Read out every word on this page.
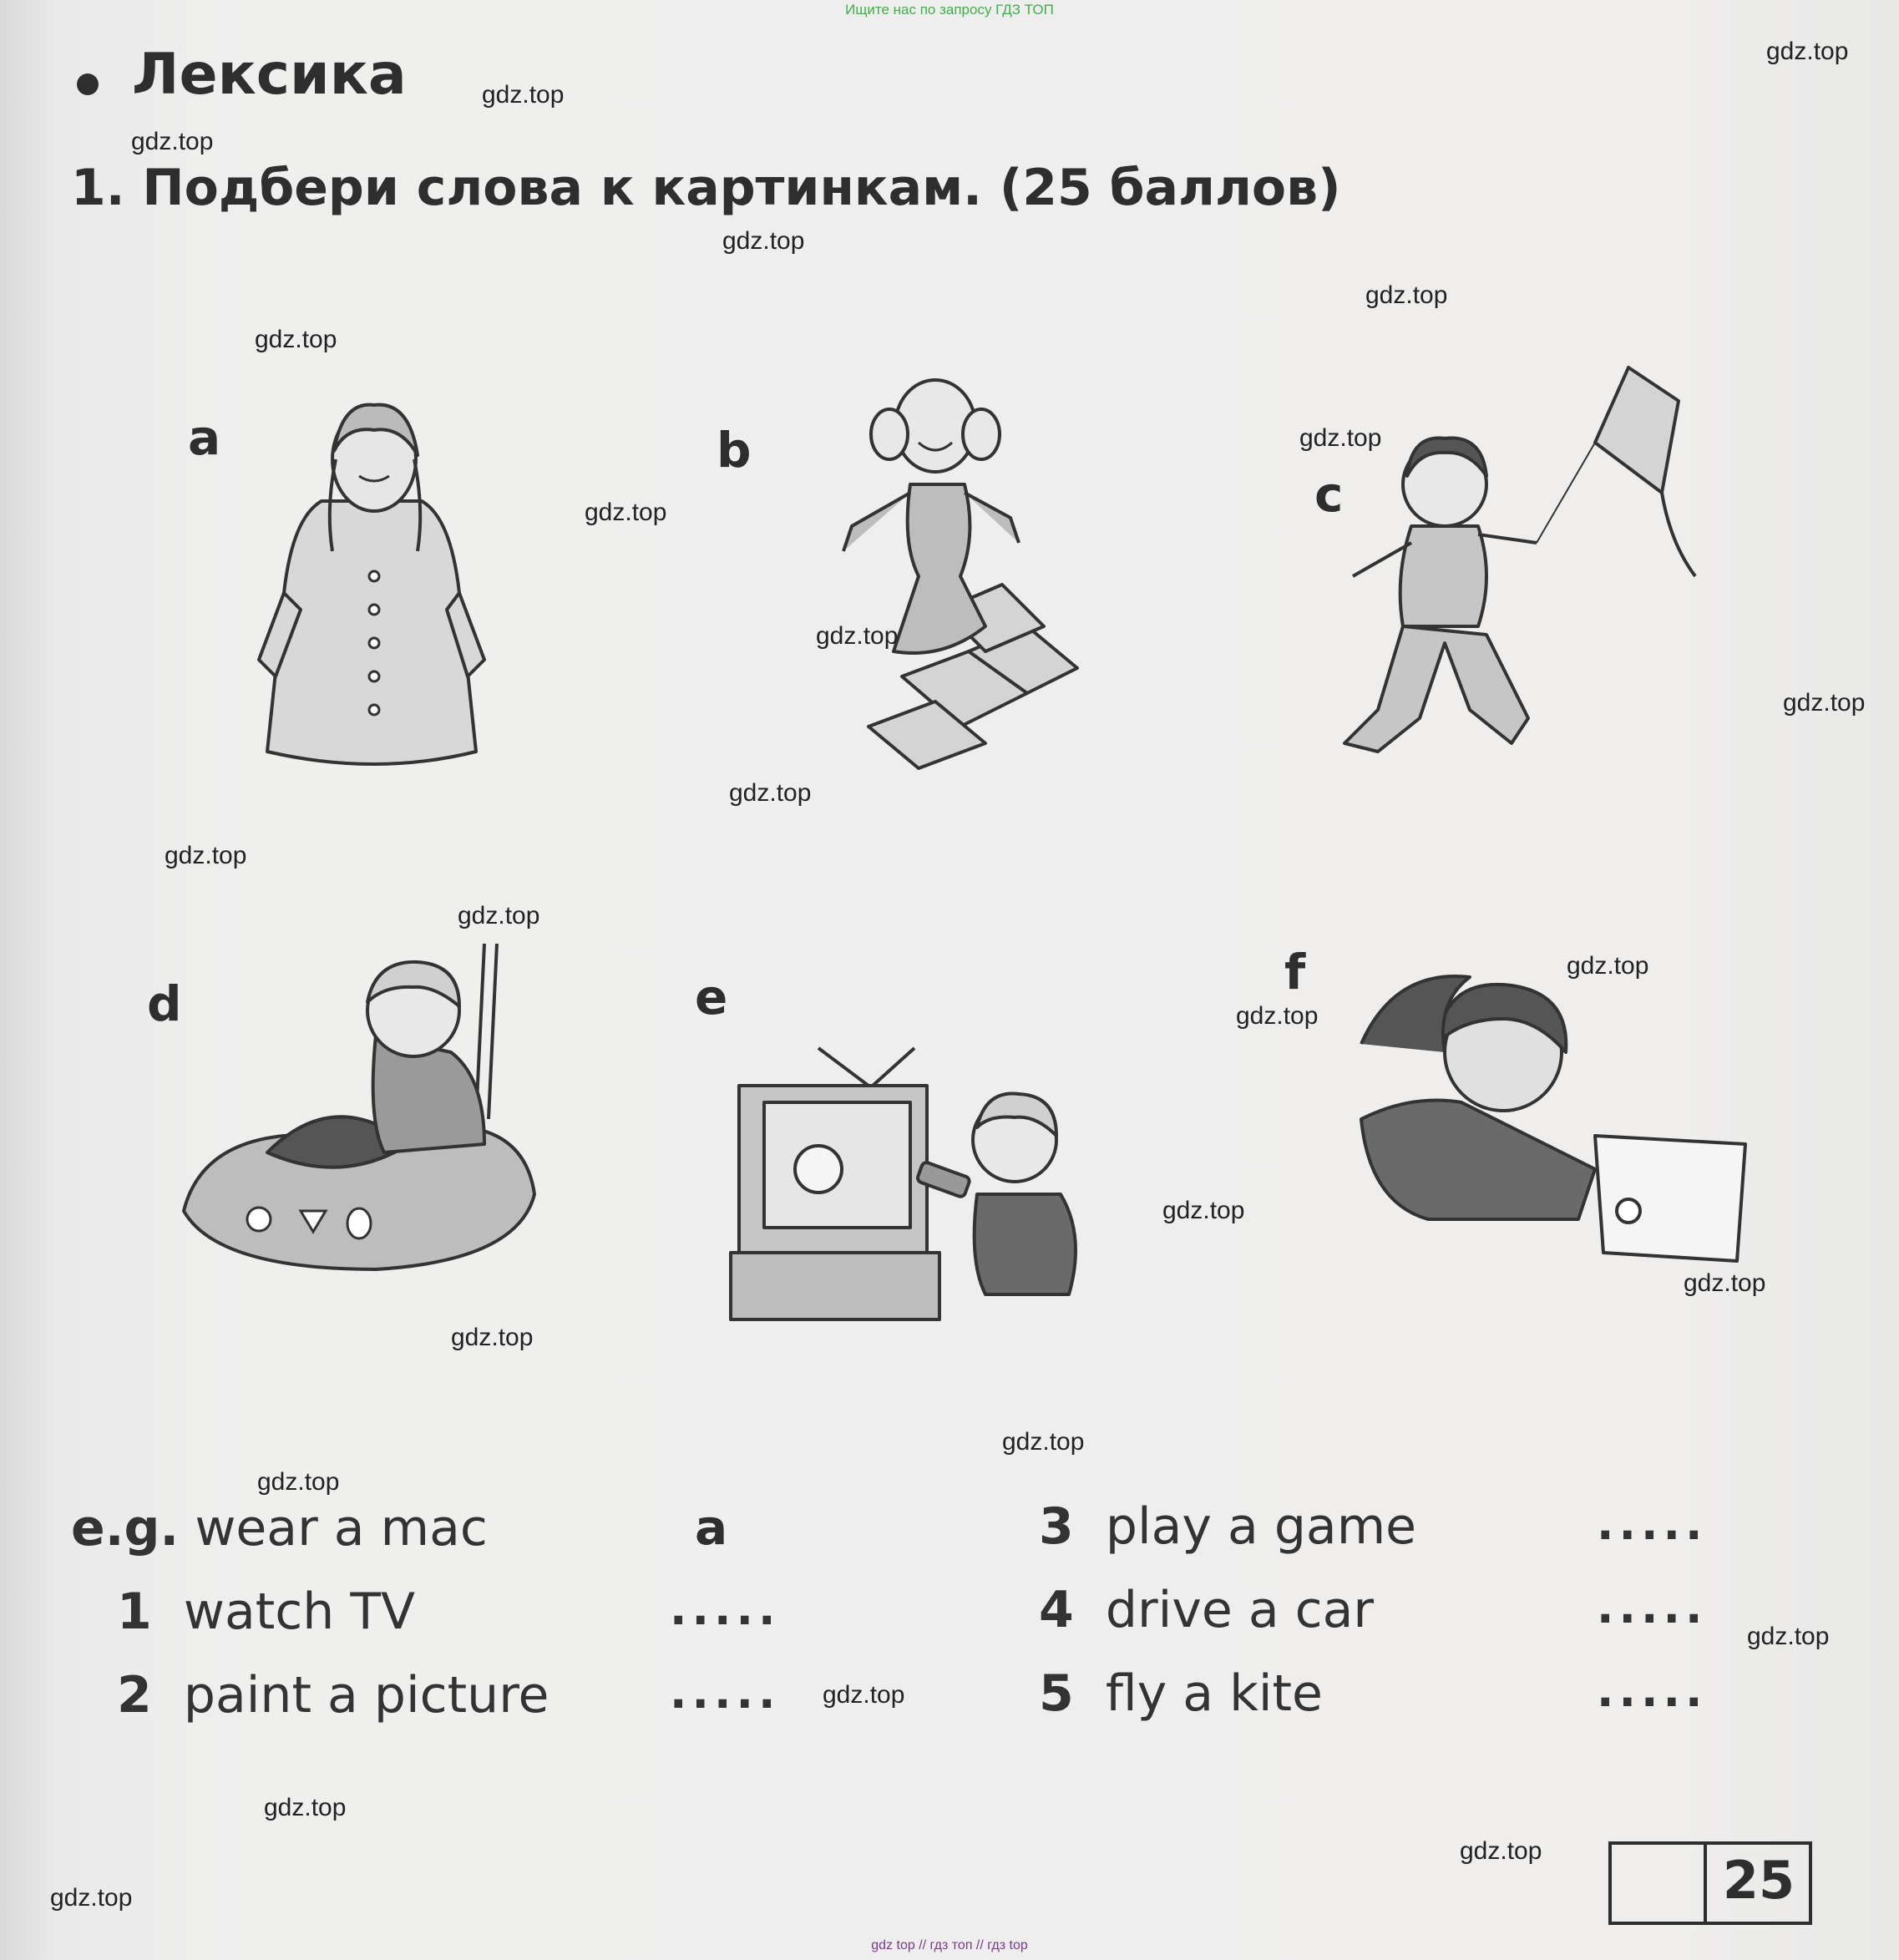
Ищите нас по запросу ГДЗ ТОП
Лексика
1. Подбери слова к картинкам. (25 баллов)
a	b
c
d	e	f
e.g. wear a mac	a
1 watch TV	.....
2 paint a picture	.....
3 play a game	.....
4 drive a car	.....
5 fly a kite	.....
25
gdz.top
gdz.top
gdz.top
gdz.top
gdz.top
gdz.top
gdz.top
gdz.top
gdz.top
gdz.top
gdz.top
gdz.top
gdz.top
gdz.top
gdz.top
gdz.top
gdz.top
gdz.top
gdz.top
gdz.top
gdz.top
gdz.top
gdz.top
gdz.top
gdz.top
gdz top // гдз топ // гдз top
